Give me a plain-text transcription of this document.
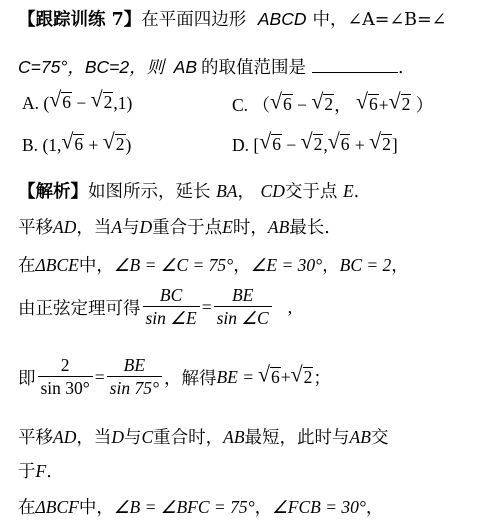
【跟踪训练 7】在平面四边形 ABCD 中，∠A=∠B=∠
C=75°，BC=2，则 AB 的取值范围是	.
A. ( √ 6 − √ 2 ,1)	C. （ √ 6 − √ 2 ， √ 6 + √ 2 ）
B. (1, √ 6 + √ 2 )	D. [ √ 6 − √ 2 , √ 6 + √ 2 ]
【解析】如图所示，延长 BA， CD交于点 E.
平移AD，当A与D重合于点E时，AB最长.
在ΔBCE中，∠B = ∠C = 75°，∠E = 30°，BC = 2，
由正弦定理可得 $\frac{BC}{\sin \angle E} = \frac{BE}{\sin \angle C}$ ,
即 $\frac{2}{\sin 30^\circ} = \frac{BE}{\sin 75^\circ}$ ，解得 BE = √ 6 + √ 2 ；
平移AD，当D与C重合时，AB最短，此时与AB交
于F.
在ΔBCF中，∠B = ∠BFC = 75°，∠FCB = 30°，
